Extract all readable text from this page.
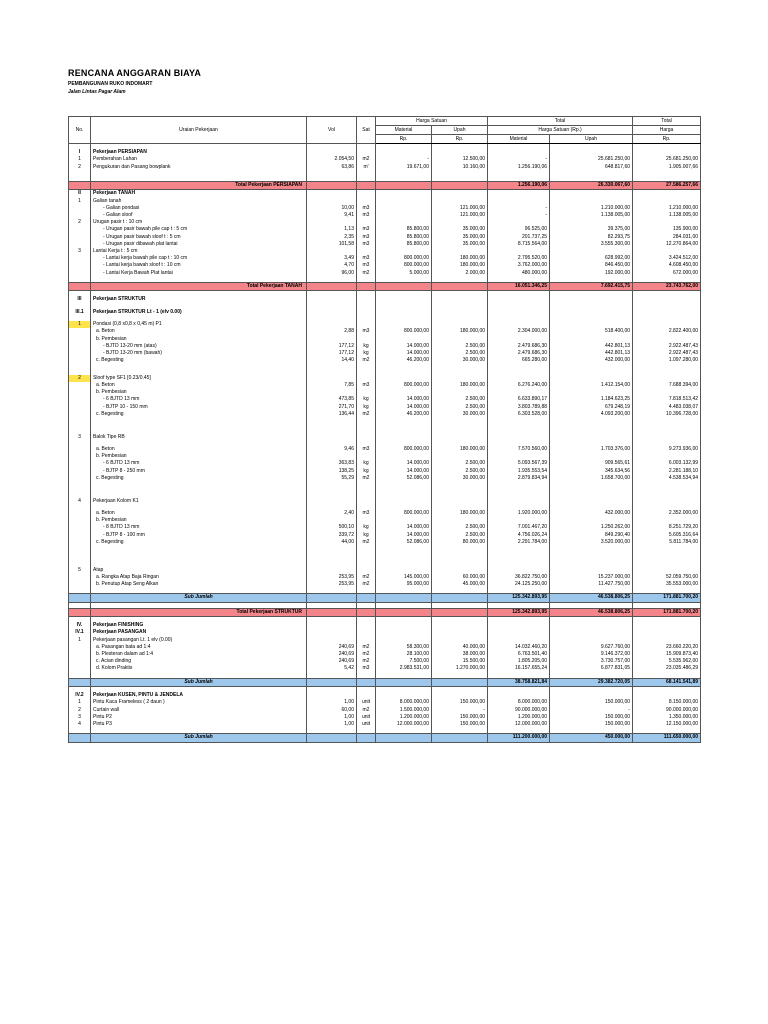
RENCANA ANGGARAN BIAYA
PEMBANGUNAN RUKO INDOMART
Jalan Lintas Pagar Alam
No.	Uraian Pekerjaan	Vol	Sat	Harga Satuan		Total		Total
				Material	Upah	Harga Satuan (Rp.)		Harga
				Rp.	Rp.	Material	Upah	Rp.

I	Pekerjaan PERSIAPAN							
1	Pemberahan Lahan	2.054,50	m2	-	12.500,00	-	25.681.250,00	25.681.250,00
2	Pengukuran dan Pasang bowplank	63,86	m'	19.671,00	10.160,00	1.256.190,06	648.817,60	1.905.007,66

	Total Pekerjaan PERSIAPAN					1.256.190,06	26.330.067,60	27.586.257,66
II	Pekerjaan TANAH							
1	Galian tanah							
	- Galian pondasi	10,00	m3		121.000,00	-	1.210.000,00	1.210.000,00
	- Galian sloof	9,41	m3		121.000,00	-	1.138.005,00	1.138.005,00
2	Urugan pasir t : 10 cm							
	- Urugan pasir bawah pile cap t : 5 cm	1,13	m3	85.800,00	35.000,00	96.525,00	39.375,00	135.900,00
	- Urugan pasir bawah sloof t : 5 cm	2,35	m3	85.800,00	35.000,00	201.737,25	82.293,75	284.031,00
	- Urugan pasir dibawah plat lantai	101,58	m3	85.800,00	35.000,00	8.715.564,00	3.555.300,00	12.270.864,00
3	Lantai Kerja t : 5 cm							
	- Lantai kerja bawah pile cap t : 10 cm	3,49	m3	800.000,00	180.000,00	2.795.520,00	628.992,00	3.424.512,00
	- Lantai kerja bawah sloof t : 10 cm	4,70	m3	800.000,00	180.000,00	3.762.000,00	846.450,00	4.608.450,00
	- Lantai Kerja Bawah Plat lantai	96,00	m2	5.000,00	2.000,00	480.000,00	192.000,00	672.000,00

	Total Pekerjaan TANAH					16.051.346,25	7.692.415,75	23.743.762,00

III	Pekerjaan STRUKTUR							

III.1	Pekerjaan STRUKTUR Lt - 1 (elv 0.00)							

1	Pondasi (0,8 x0,8 x 0,45 m) P1							
	a. Beton	2,88	m3	800.000,00	180.000,00	2.304.000,00	518.400,00	2.822.400,00
	b. Pembesian							
	- BJTD 13-20 mm (atas)	177,12	kg	14.000,00	2.500,00	2.479.686,30	442.801,13	2.922.487,43
	- BJTD 13-20 mm (bawah)	177,12	kg	14.000,00	2.500,00	2.479.686,30	442.801,13	2.922.487,43
	c. Begesting	14,40	m2	46.200,00	30.000,00	665.280,00	432.000,00	1.097.280,00

2	Sloof type SF1 [0.23/0.45]							
	a. Beton	7,85	m3	800.000,00	180.000,00	6.276.240,00	1.412.154,00	7.688.394,00
	b. Pembesian							
	- 6 BJTD 13 mm	473,85	kg	14.000,00	2.500,00	6.633.890,17	1.184.623,25	7.818.513,42
	- BJTP 10 - 150 mm	271,70	kg	14.000,00	2.500,00	3.803.789,88	679.248,19	4.483.038,07
	c. Begesting	136,44	m2	46.200,00	30.000,00	6.303.528,00	4.093.200,00	10.396.728,00

3	Balok Tipe RB							

	a. Beton	9,46	m3	800.000,00	180.000,00	7.570.560,00	1.703.376,00	9.273.936,00
	b. Pembesian							
	- 6 BJTD 13 mm	363,83	kg	14.000,00	2.500,00	5.093.567,39	909.565,61	6.003.132,99
	- BJTP 8 - 250 mm	138,25	kg	14.000,00	2.500,00	1.935.553,54	345.634,56	2.281.188,10
	c. Begesting	55,29	m2	52.086,00	30.000,00	2.879.834,94	1.658.700,00	4.538.534,94

4	Pekerjaan Kolom K1							

	a. Beton	2,40	m3	800.000,00	180.000,00	1.920.000,00	432.000,00	2.352.000,00
	b. Pembesian							
	- 8 BJTD 13 mm	500,10	kg	14.000,00	2.500,00	7.001.467,20	1.250.262,00	8.251.729,20
	- BJTP 8 - 100 mm	339,72	kg	14.000,00	2.500,00	4.756.026,24	849.290,40	5.605.316,64
	c. Begesting	44,00	m2	52.086,00	80.000,00	2.291.784,00	3.520.000,00	5.811.784,00

5	Atap							
	a. Rangka Atap Baja Ringan	253,95	m2	145.000,00	60.000,00	36.822.750,00	15.237.000,00	52.059.750,00
	b. Penutup Atap Seng Alkan	253,95	m2	95.000,00	45.000,00	24.125.250,00	11.427.750,00	35.553.000,00

	Sub Jumlah					125.342.893,95	46.538.806,25	171.881.700,20

	Total Pekerjaan STRUKTUR					125.342.893,95	46.538.806,25	171.881.700,20

IV.	Pekerjaan FINISHING							
IV.1	Pekerjaan PASANGAN							
1	Pekerjaan pasangan Lt. 1 elv (0.00)							
	a. Pasangan bata ad 1:4	240,69	m2	58.300,00	40.000,00	14.032.460,20	9.627.760,00	23.660.220,20
	b. Plesteran dalam ad 1:4	240,69	m2	28.100,00	38.000,00	6.763.501,40	9.146.372,00	15.909.873,40
	c. Acian dinding	240,69	m2	7.500,00	15.500,00	1.805.205,00	3.730.757,00	5.535.962,00
	d. Kolom Praktis	5,42	m3	2.983.531,00	1.270.000,00	16.157.655,24	6.877.831,05	23.035.486,29

	Sub Jumlah					38.758.821,84	29.382.720,05	68.141.541,89

IV.2	Pekerjaan KUSEN, PINTU & JENDELA							
1	Pintu Kaca Frameless ( 2 daun )	1,00	unit	8.000.000,00	150.000,00	8.000.000,00	150.000,00	8.150.000,00
2	Curtain wall	60,00	m2	1.500.000,00	-	90.000.000,00	-	90.000.000,00
3	Pintu P2	1,00	unit	1.200.000,00	150.000,00	1.200.000,00	150.000,00	1.350.000,00
4	Pintu P3	1,00	unit	12.000.000,00	150.000,00	12.000.000,00	150.000,00	12.150.000,00

	Sub Jumlah					111.200.000,00	450.000,00	111.650.000,00
